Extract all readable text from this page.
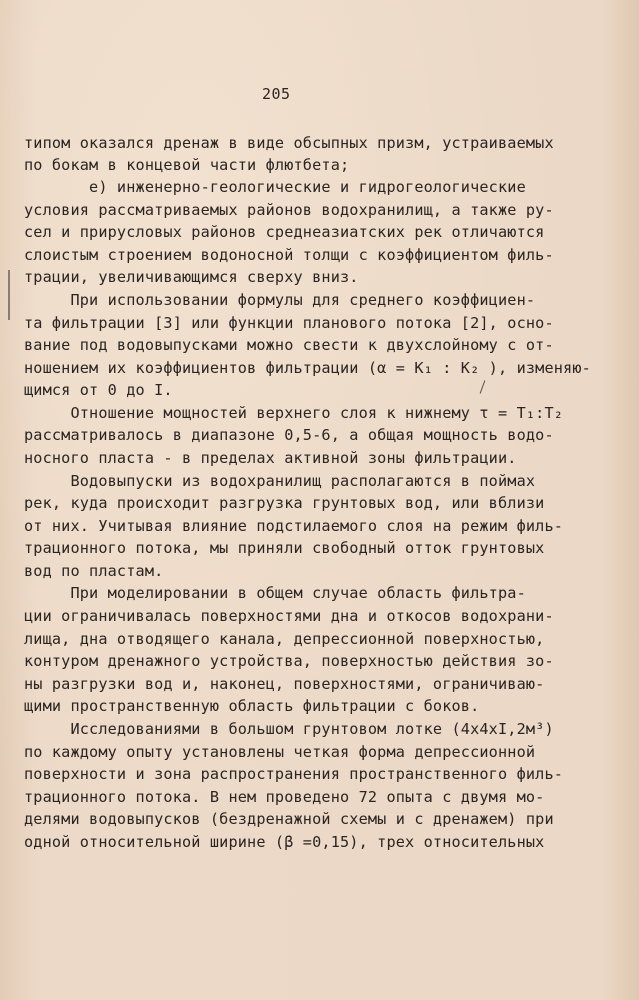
205
типом оказался дренаж в виде обсыпных призм, устраиваемых
по бокам в концевой части флютбета;
е) инженерно-геологические и гидрогеологические
условия рассматриваемых районов водохранилищ, а также ру-
сел и прирусловых районов среднеазиатских рек отличаются
слоистым строением водоносной толщи с коэффициентом филь-
трации, увеличивающимся сверху вниз.
При использовании формулы для среднего коэффициен-
та фильтрации [3] или функции планового потока [2], осно-
вание под водовыпусками можно свести к двухслойному с от-
ношением их коэффициентов фильтрации (α = K₁ : K₂ ), изменяю-
щимся от 0 до I.
Отношение мощностей верхнего слоя к нижнему τ = T₁:T₂
рассматривалось в диапазоне 0,5-6, а общая мощность водо-
носного пласта - в пределах активной зоны фильтрации.
Водовыпуски из водохранилищ располагаются в поймах
рек, куда происходит разгрузка грунтовых вод, или вблизи
от них. Учитывая влияние подстилаемого слоя на режим филь-
трационного потока, мы приняли свободный отток грунтовых
вод по пластам.
При моделировании в общем случае область фильтра-
ции ограничивалась поверхностями дна и откосов водохрани-
лища, дна отводящего канала, депрессионной поверхностью,
контуром дренажного устройства, поверхностью действия зо-
ны разгрузки вод и, наконец, поверхностями, ограничиваю-
щими пространственную область фильтрации с боков.
Исследованиями в большом грунтовом лотке (4х4хI,2м³)
по каждому опыту установлены четкая форма депрессионной
поверхности и зона распространения пространственного филь-
трационного потока. В нем проведено 72 опыта с двумя мо-
делями водовыпусков (бездренажной схемы и с дренажем) при
одной относительной ширине (β =0,15), трех относительных
